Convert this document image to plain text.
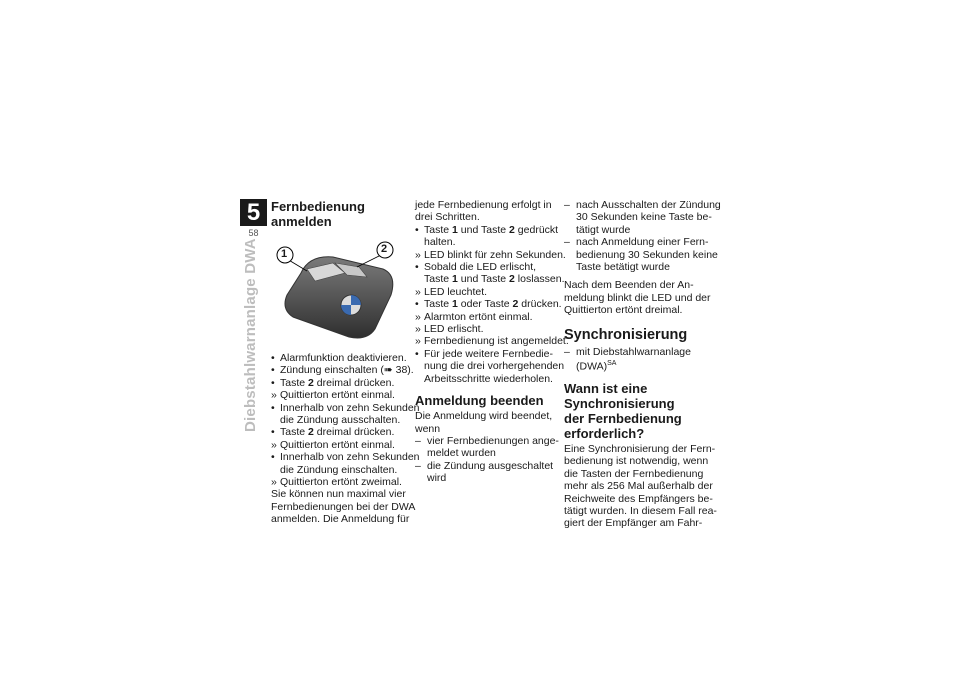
5
58
Diebstahlwarnanlage DWA
Fernbedienung anmelden
1	2
• Alarmfunktion deaktivieren.
• Zündung einschalten (➠ 38).
• Taste 2 dreimal drücken.
» Quittierton ertönt einmal.
• Innerhalb von zehn Sekunden
die Zündung ausschalten.
• Taste 2 dreimal drücken.
» Quittierton ertönt einmal.
• Innerhalb von zehn Sekunden
die Zündung einschalten.
» Quittierton ertönt zweimal.
Sie können nun maximal vier
Fernbedienungen bei der DWA
anmelden. Die Anmeldung für
jede Fernbedienung erfolgt in
drei Schritten.
• Taste 1 und Taste 2 gedrückt
halten.
» LED blinkt für zehn Sekunden.
• Sobald die LED erlischt,
Taste 1 und Taste 2 loslassen.
» LED leuchtet.
• Taste 1 oder Taste 2 drücken.
» Alarmton ertönt einmal.
» LED erlischt.
» Fernbedienung ist angemeldet.
• Für jede weitere Fernbedie-
nung die drei vorhergehenden
Arbeitsschritte wiederholen.
Anmeldung beenden
Die Anmeldung wird beendet,
wenn
– vier Fernbedienungen ange-
meldet wurden
– die Zündung ausgeschaltet
wird
– nach Ausschalten der Zündung
30 Sekunden keine Taste be-
tätigt wurde
– nach Anmeldung einer Fern-
bedienung 30 Sekunden keine
Taste betätigt wurde
Nach dem Beenden der An-
meldung blinkt die LED und der
Quittierton ertönt dreimal.
Synchronisierung
– mit Diebstahlwarnanlage
(DWA)$^{SA}$
Wann ist eine
Synchronisierung
der Fernbedienung
erforderlich?
Eine Synchronisierung der Fern-
bedienung ist notwendig, wenn
die Tasten der Fernbedienung
mehr als 256 Mal außerhalb der
Reichweite des Empfängers be-
tätigt wurden. In diesem Fall rea-
giert der Empfänger am Fahr-
